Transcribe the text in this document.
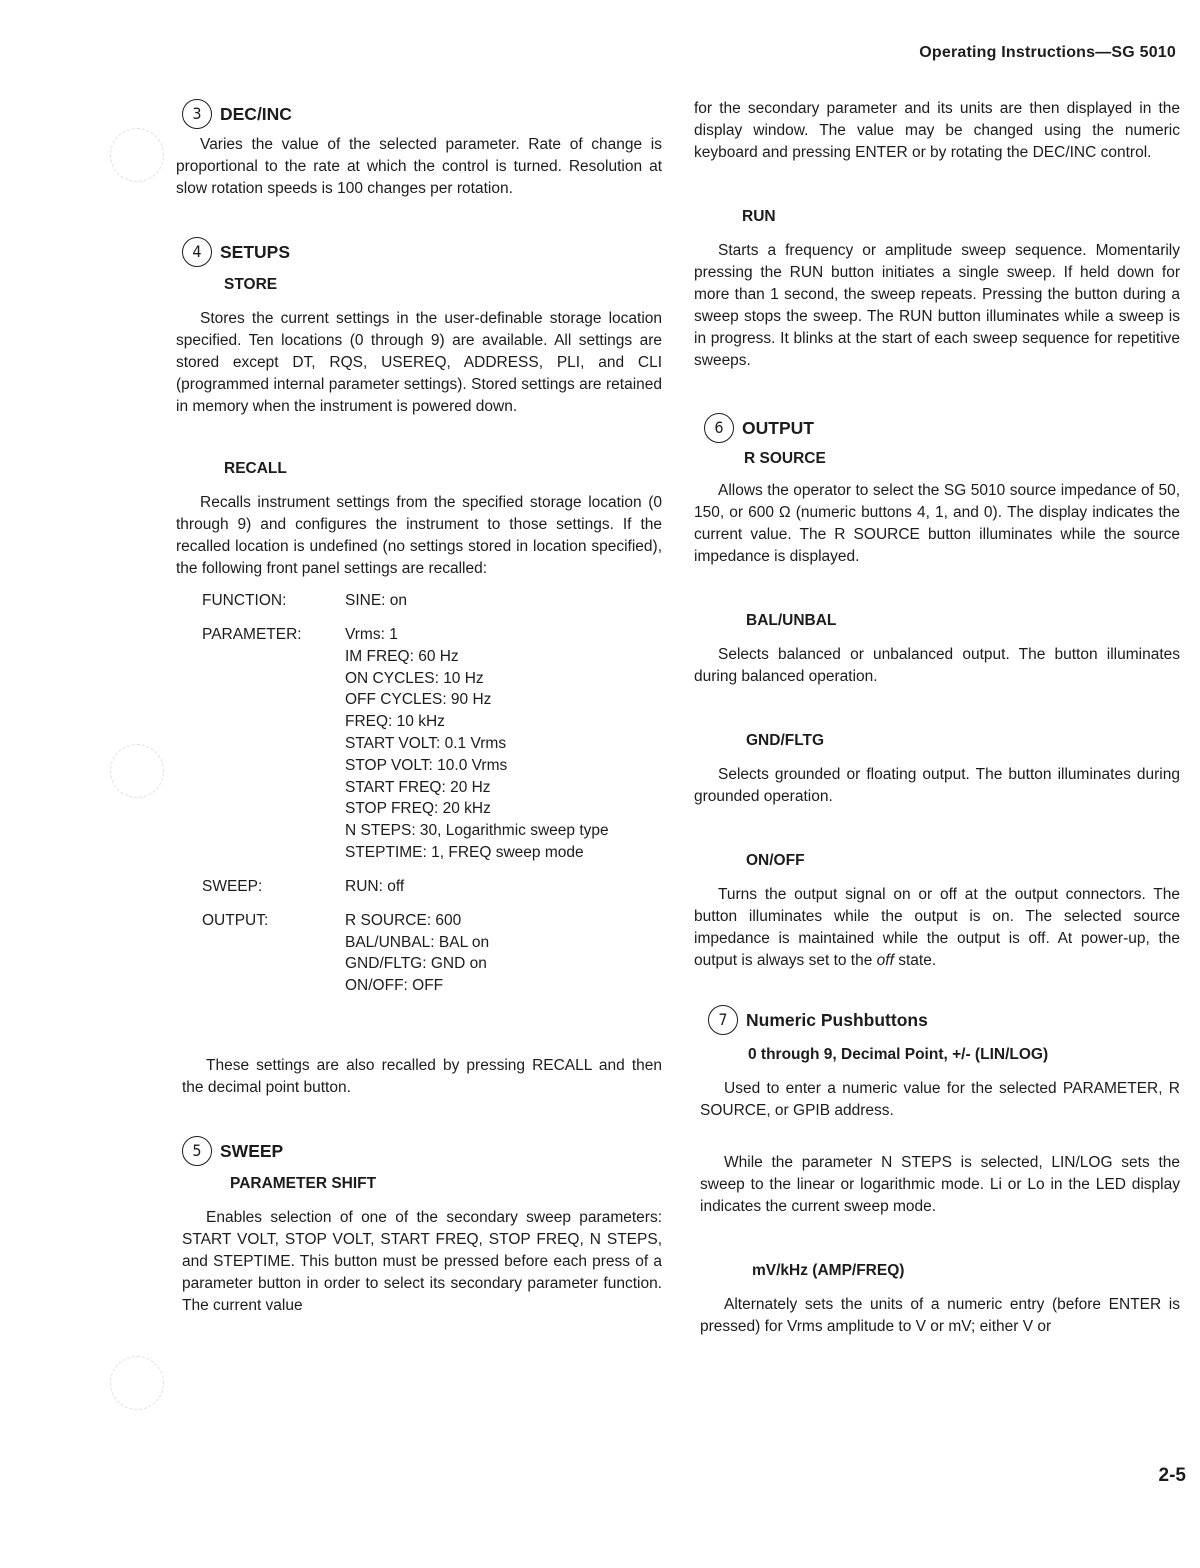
Operating Instructions—SG 5010
3	DEC/INC

Varies the value of the selected parameter. Rate of change is proportional to the rate at which the control is turned. Resolution at slow rotation speeds is 100 changes per rotation.

4	SETUPS
STORE

Stores the current settings in the user-definable storage location specified. Ten locations (0 through 9) are available. All settings are stored except DT, RQS, USEREQ, ADDRESS, PLI, and CLI (programmed internal parameter settings). Stored settings are retained in memory when the instrument is powered down.

RECALL

Recalls instrument settings from the specified storage location (0 through 9) and configures the instrument to those settings. If the recalled location is undefined (no settings stored in location specified), the following front panel settings are recalled:

FUNCTION:	SINE: on
PARAMETER:	Vrms: 1
IM FREQ: 60 Hz
ON CYCLES: 10 Hz
OFF CYCLES: 90 Hz
FREQ: 10 kHz
START VOLT: 0.1 Vrms
STOP VOLT: 10.0 Vrms
START FREQ: 20 Hz
STOP FREQ: 20 kHz
N STEPS: 30, Logarithmic sweep type
STEPTIME: 1, FREQ sweep mode
SWEEP:	RUN: off
OUTPUT:	R SOURCE: 600
BAL/UNBAL: BAL on
GND/FLTG: GND on
ON/OFF: OFF

These settings are also recalled by pressing RECALL and then the decimal point button.

5	SWEEP
PARAMETER SHIFT

Enables selection of one of the secondary sweep parameters: START VOLT, STOP VOLT, START FREQ, STOP FREQ, N STEPS, and STEPTIME. This button must be pressed before each press of a parameter button in order to select its secondary parameter function. The current value

for the secondary parameter and its units are then displayed in the display window. The value may be changed using the numeric keyboard and pressing ENTER or by rotating the DEC/INC control.

RUN

Starts a frequency or amplitude sweep sequence. Momentarily pressing the RUN button initiates a single sweep. If held down for more than 1 second, the sweep repeats. Pressing the button during a sweep stops the sweep. The RUN button illuminates while a sweep is in progress. It blinks at the start of each sweep sequence for repetitive sweeps.

6	OUTPUT
R SOURCE

Allows the operator to select the SG 5010 source impedance of 50, 150, or 600 Ω (numeric buttons 4, 1, and 0). The display indicates the current value. The R SOURCE button illuminates while the source impedance is displayed.

BAL/UNBAL

Selects balanced or unbalanced output. The button illuminates during balanced operation.

GND/FLTG

Selects grounded or floating output. The button illuminates during grounded operation.

ON/OFF

Turns the output signal on or off at the output connectors. The button illuminates while the output is on. The selected source impedance is maintained while the output is off. At power-up, the output is always set to the off state.

7	Numeric Pushbuttons
0 through 9, Decimal Point, +/- (LIN/LOG)

Used to enter a numeric value for the selected PARAMETER, R SOURCE, or GPIB address.

While the parameter N STEPS is selected, LIN/LOG sets the sweep to the linear or logarithmic mode. Li or Lo in the LED display indicates the current sweep mode.

mV/kHz (AMP/FREQ)

Alternately sets the units of a numeric entry (before ENTER is pressed) for Vrms amplitude to V or mV; either V or

2-5
